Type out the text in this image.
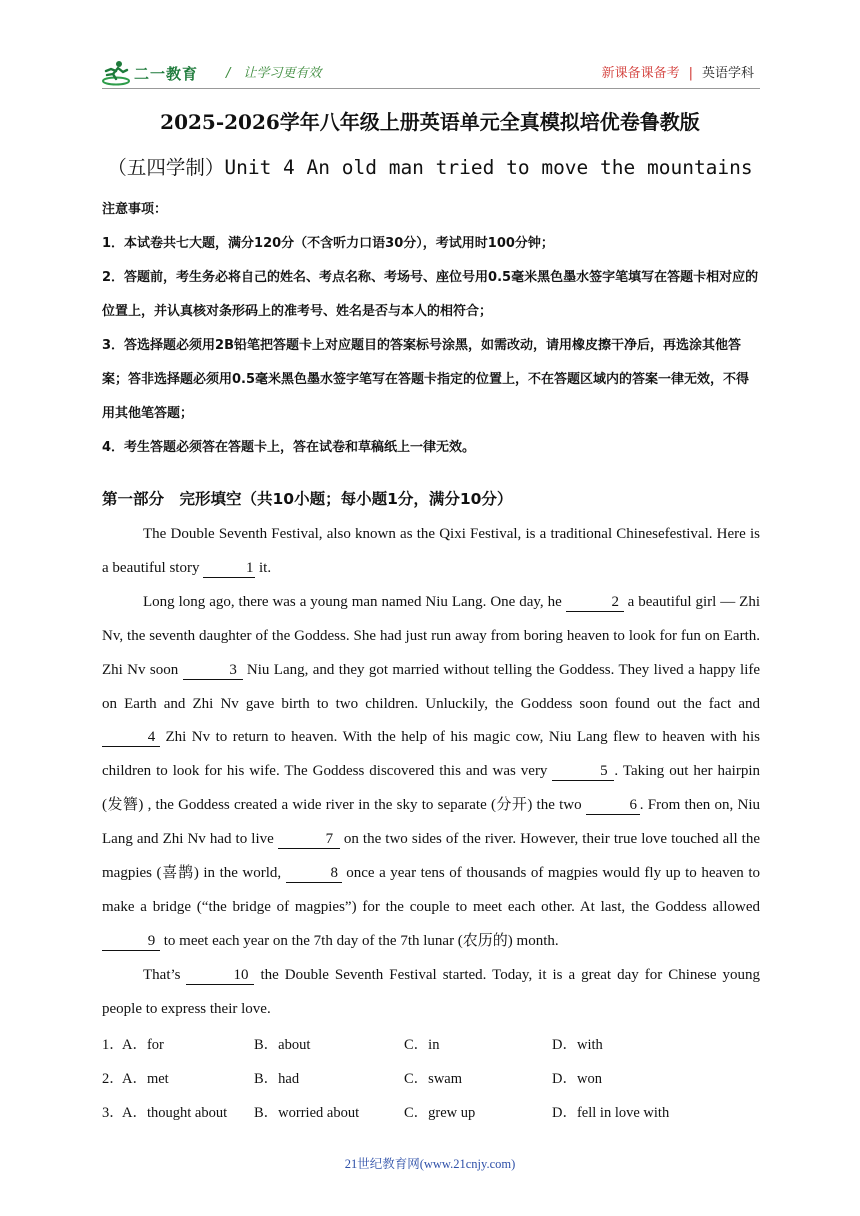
二一教育 /　让学习更有效	新课备课备考 | 英语学科
2025-2026学年八年级上册英语单元全真模拟培优卷鲁教版
（五四学制）Unit 4 An old man tried to move the mountains
注意事项：
1．本试卷共七大题，满分120分（不含听力口语30分），考试用时100分钟；
2．答题前，考生务必将自己的姓名、考点名称、考场号、座位号用0.5毫米黑色墨水签字笔填写在答题卡相对应的位置上，并认真核对条形码上的准考号、姓名是否与本人的相符合；
3．答选择题必须用2B铅笔把答题卡上对应题目的答案标号涂黑，如需改动，请用橡皮擦干净后，再选涂其他答案；答非选择题必须用0.5毫米黑色墨水签字笔写在答题卡指定的位置上，不在答题区域内的答案一律无效，不得用其他笔答题；
4．考生答题必须答在答题卡上，答在试卷和草稿纸上一律无效。
第一部分　完形填空（共10小题；每小题1分，满分10分）

The Double Seventh Festival, also known as the Qixi Festival, is a traditional Chinesefestival. Here is a beautiful story	1 it.

Long long ago, there was a young man named Niu Lang. One day, he	2 a beautiful girl — Zhi Nv, the seventh daughter of the Goddess. She had just run away from boring heaven to look for fun on Earth. Zhi Nv soon	3 Niu Lang, and they got married without telling the Goddess. They lived a happy life on Earth and Zhi Nv gave birth to two children. Unluckily, the Goddess soon found out the fact and 4 Zhi Nv to return to heaven. With the help of his magic cow, Niu Lang flew to heaven with his children to look for his wife. The Goddess discovered this and was very	5 . Taking out her hairpin (发簪) , the Goddess created a wide river in the sky to separate (分开) the two	6 . From then on, Niu Lang and Zhi Nv had to live	7 on the two sides of the river. However, their true love touched all the magpies (喜鹊) in the world,	8 once a year tens of thousands of magpies would fly up to heaven to make a bridge (“the bridge of magpies”) for the couple to meet each other. At last, the Goddess allowed 9 to meet each year on the 7th day of the 7th lunar (农历的) month.

That’s	10 the Double Seventh Festival started. Today, it is a great day for Chinese young people to express their love.

1．
A．for	B．about	C．in	D．with
2．
A．met	B．had	C．swam	D．won
3．
A．thought about B．worried about	C．grew up	D．fell in love with
21世纪教育网(www.21cnjy.com)
